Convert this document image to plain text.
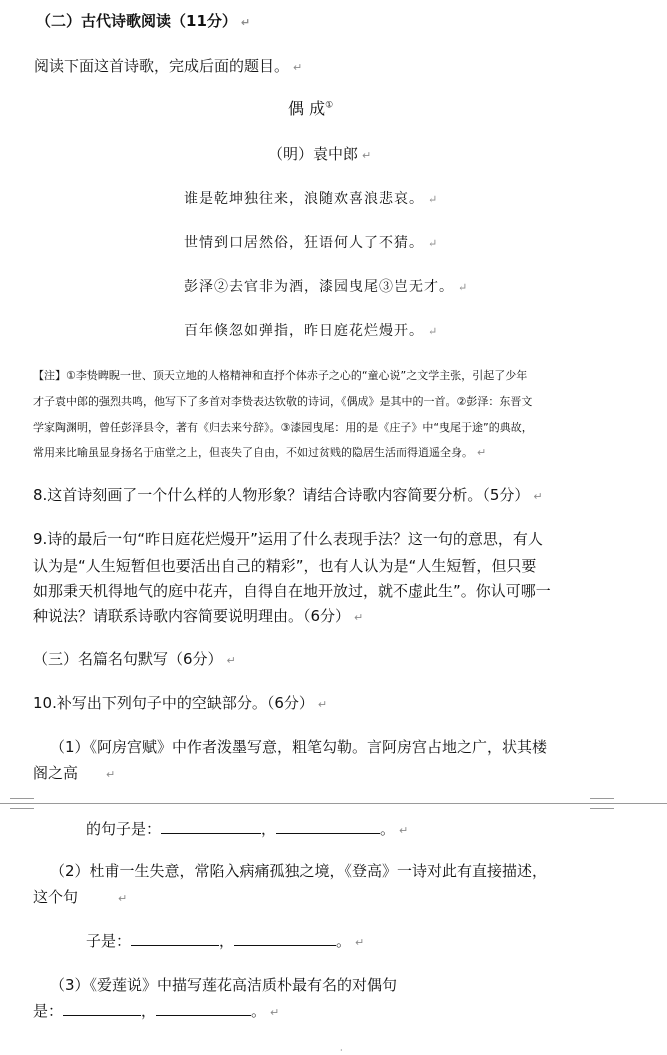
（二）古代诗歌阅读（11分） ↵
阅读下面这首诗歌，完成后面的题目。 ↵
偶 成①
（明）袁中郎 ↵
谁是乾坤独往来，浪随欢喜浪悲哀。 ↵
世情到口居然俗，狂语何人了不猜。 ↵
彭泽②去官非为酒，漆园曳尾③岂无才。 ↵
百年倏忽如弹指，昨日庭花烂熳开。 ↵
【注】①李贽睥睨一世、顶天立地的人格精神和直抒个体赤子之心的“童心说”之文学主张，引起了少年
才子袁中郎的强烈共鸣，他写下了多首对李贽表达钦敬的诗词，《偶成》是其中的一首。②彭泽：东晋文
学家陶渊明，曾任彭泽县令，著有《归去来兮辞》。③漆园曳尾：用的是《庄子》中“曳尾于途”的典故，
常用来比喻虽显身扬名于庙堂之上，但丧失了自由，不如过贫贱的隐居生活而得逍遥全身。 ↵
8.这首诗刻画了一个什么样的人物形象？请结合诗歌内容简要分析。（5分） ↵
9.诗的最后一句“昨日庭花烂熳开”运用了什么表现手法？这一句的意思，有人
认为是“人生短暂但也要活出自己的精彩”，也有人认为是“人生短暂，但只要
如那秉天机得地气的庭中花卉，自得自在地开放过，就不虚此生”。你认可哪一
种说法？请联系诗歌内容简要说明理由。（6分） ↵
（三）名篇名句默写（6分） ↵
10.补写出下列句子中的空缺部分。（6分） ↵
（1）《阿房宫赋》中作者泼墨写意，粗笔勾勒。言阿房宫占地之广，状其楼
阁之高	↵
的句子是：	，	。 ↵
（2）杜甫一生失意，常陷入病痛孤独之境，《登高》一诗对此有直接描述，
这个句	↵
子是：	，	。 ↵
（3）《爱莲说》中描写莲花高洁质朴最有名的对偶句
是：	，	。 ↵
·
